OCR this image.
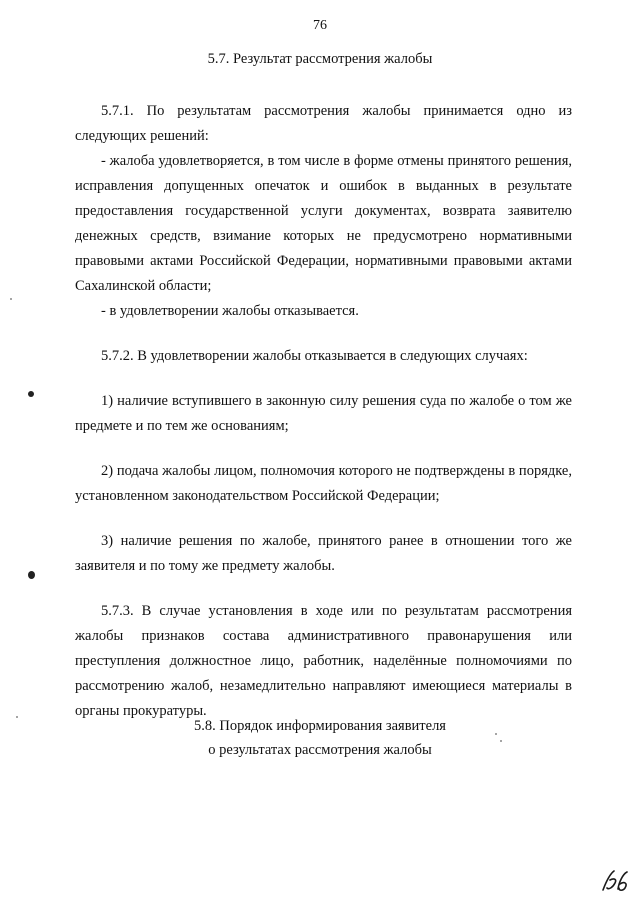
76
5.7. Результат рассмотрения жалобы

5.7.1. По результатам рассмотрения жалобы принимается одно из следующих решений:

- жалоба удовлетворяется, в том числе в форме отмены принятого решения, исправления допущенных опечаток и ошибок в выданных в результате предоставления государственной услуги документах, возврата заявителю денежных средств, взимание которых не предусмотрено нормативными правовыми актами Российской Федерации, нормативными правовыми актами Сахалинской области;

- в удовлетворении жалобы отказывается.

5.7.2. В удовлетворении жалобы отказывается в следующих случаях:

1) наличие вступившего в законную силу решения суда по жалобе о том же предмете и по тем же основаниям;

2) подача жалобы лицом, полномочия которого не подтверждены в порядке, установленном законодательством Российской Федерации;

3) наличие решения по жалобе, принятого ранее в отношении того же заявителя и по тому же предмету жалобы.

5.7.3. В случае установления в ходе или по результатам рассмотрения жалобы признаков состава административного правонарушения или преступления должностное лицо, работник, наделённые полномочиями по рассмотрению жалоб, незамедлительно направляют имеющиеся материалы в органы прокуратуры.

5.8. Порядок информирования заявителя
о результатах рассмотрения жалобы
